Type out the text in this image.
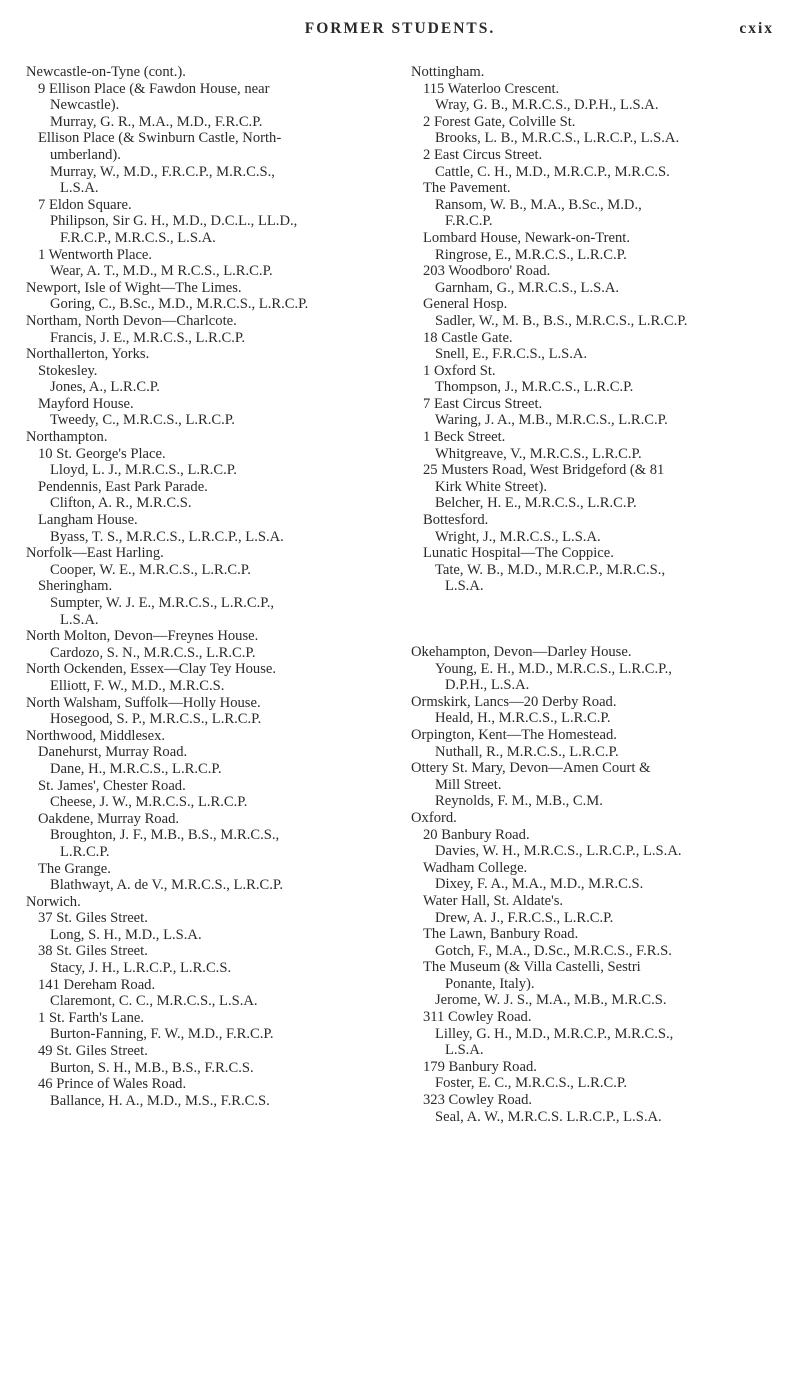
FORMER STUDENTS.	cxix
Newcastle-on-Tyne (cont.).
9 Ellison Place (& Fawdon House, near
Newcastle).
Murray, G. R., M.A., M.D., F.R.C.P.
Ellison Place (& Swinburn Castle, North-
umberland).
Murray, W., M.D., F.R.C.P., M.R.C.S.,
L.S.A.
7 Eldon Square.
Philipson, Sir G. H., M.D., D.C.L., LL.D.,
F.R.C.P., M.R.C.S., L.S.A.
1 Wentworth Place.
Wear, A. T., M.D., M R.C.S., L.R.C.P.
Newport, Isle of Wight—The Limes.
Goring, C., B.Sc., M.D., M.R.C.S., L.R.C.P.
Northam, North Devon—Charlcote.
Francis, J. E., M.R.C.S., L.R.C.P.
Northallerton, Yorks.
Stokesley.
Jones, A., L.R.C.P.
Mayford House.
Tweedy, C., M.R.C.S., L.R.C.P.
Northampton.
10 St. George's Place.
Lloyd, L. J., M.R.C.S., L.R.C.P.
Pendennis, East Park Parade.
Clifton, A. R., M.R.C.S.
Langham House.
Byass, T. S., M.R.C.S., L.R.C.P., L.S.A.
Norfolk—East Harling.
Cooper, W. E., M.R.C.S., L.R.C.P.
Sheringham.
Sumpter, W. J. E., M.R.C.S., L.R.C.P.,
L.S.A.
North Molton, Devon—Freynes House.
Cardozo, S. N., M.R.C.S., L.R.C.P.
North Ockenden, Essex—Clay Tey House.
Elliott, F. W., M.D., M.R.C.S.
North Walsham, Suffolk—Holly House.
Hosegood, S. P., M.R.C.S., L.R.C.P.
Northwood, Middlesex.
Danehurst, Murray Road.
Dane, H., M.R.C.S., L.R.C.P.
St. James', Chester Road.
Cheese, J. W., M.R.C.S., L.R.C.P.
Oakdene, Murray Road.
Broughton, J. F., M.B., B.S., M.R.C.S.,
L.R.C.P.
The Grange.
Blathwayt, A. de V., M.R.C.S., L.R.C.P.
Norwich.
37 St. Giles Street.
Long, S. H., M.D., L.S.A.
38 St. Giles Street.
Stacy, J. H., L.R.C.P., L.R.C.S.
141 Dereham Road.
Claremont, C. C., M.R.C.S., L.S.A.
1 St. Farth's Lane.
Burton-Fanning, F. W., M.D., F.R.C.P.
49 St. Giles Street.
Burton, S. H., M.B., B.S., F.R.C.S.
46 Prince of Wales Road.
Ballance, H. A., M.D., M.S., F.R.C.S.
Nottingham.
115 Waterloo Crescent.
Wray, G. B., M.R.C.S., D.P.H., L.S.A.
2 Forest Gate, Colville St.
Brooks, L. B., M.R.C.S., L.R.C.P., L.S.A.
2 East Circus Street.
Cattle, C. H., M.D., M.R.C.P., M.R.C.S.
The Pavement.
Ransom, W. B., M.A., B.Sc., M.D.,
F.R.C.P.
Lombard House, Newark-on-Trent.
Ringrose, E., M.R.C.S., L.R.C.P.
203 Woodboro' Road.
Garnham, G., M.R.C.S., L.S.A.
General Hosp.
Sadler, W., M. B., B.S., M.R.C.S., L.R.C.P.
18 Castle Gate.
Snell, E., F.R.C.S., L.S.A.
1 Oxford St.
Thompson, J., M.R.C.S., L.R.C.P.
7 East Circus Street.
Waring, J. A., M.B., M.R.C.S., L.R.C.P.
1 Beck Street.
Whitgreave, V., M.R.C.S., L.R.C.P.
25 Musters Road, West Bridgeford (& 81
Kirk White Street).
Belcher, H. E., M.R.C.S., L.R.C.P.
Bottesford.
Wright, J., M.R.C.S., L.S.A.
Lunatic Hospital—The Coppice.
Tate, W. B., M.D., M.R.C.P., M.R.C.S.,
L.S.A.
Okehampton, Devon—Darley House.
Young, E. H., M.D., M.R.C.S., L.R.C.P.,
D.P.H., L.S.A.
Ormskirk, Lancs—20 Derby Road.
Heald, H., M.R.C.S., L.R.C.P.
Orpington, Kent—The Homestead.
Nuthall, R., M.R.C.S., L.R.C.P.
Ottery St. Mary, Devon—Amen Court &
Mill Street.
Reynolds, F. M., M.B., C.M.
Oxford.
20 Banbury Road.
Davies, W. H., M.R.C.S., L.R.C.P., L.S.A.
Wadham College.
Dixey, F. A., M.A., M.D., M.R.C.S.
Water Hall, St. Aldate's.
Drew, A. J., F.R.C.S., L.R.C.P.
The Lawn, Banbury Road.
Gotch, F., M.A., D.Sc., M.R.C.S., F.R.S.
The Museum (& Villa Castelli, Sestri
Ponante, Italy).
Jerome, W. J. S., M.A., M.B., M.R.C.S.
311 Cowley Road.
Lilley, G. H., M.D., M.R.C.P., M.R.C.S.,
L.S.A.
179 Banbury Road.
Foster, E. C., M.R.C.S., L.R.C.P.
323 Cowley Road.
Seal, A. W., M.R.C.S. L.R.C.P., L.S.A.
